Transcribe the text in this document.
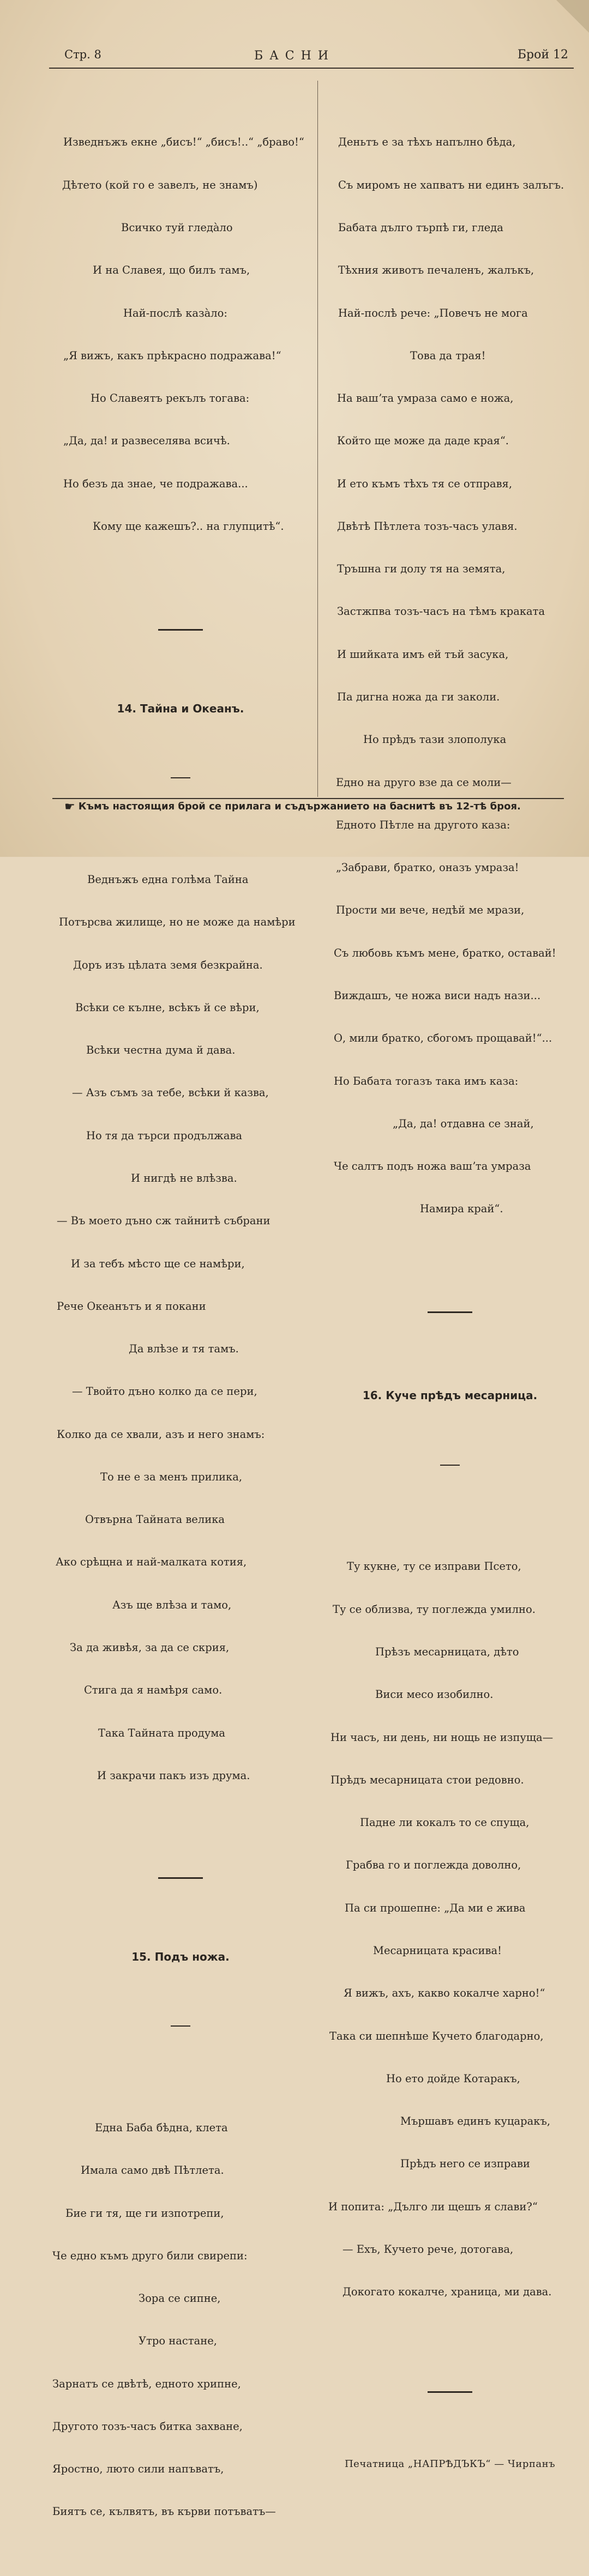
Стр. 8	БАСНИ	Брой 12

Изведнъжъ екне „бисъ!“ „бисъ!..“ „браво!“

Дѣтето (кой го е завелъ, не знамъ)

Всичко туй гледàло

И на Славея, що билъ тамъ,

Най-послѣ казàло:

„Я вижъ, какъ прѣкрасно подражава!“

Но Славеятъ рекълъ тогава:

„Да, да! и развеселява всичѣ.

Но безъ да знае, че подражава...

Кому ще кажешъ?.. на глупцитѣ“.

14. Тайна и Океанъ.

Веднъжъ една голѣма Тайна

Потърсва жилище, но не може да намѣри

Доръ изъ цѣлата земя безкрайна.

Всѣки се кълне, всѣкъ й се вѣри,

Всѣки честна дума й дава.

— Азъ съмъ за тебе, всѣки й казва,

Но тя да търси продължава

И нигдѣ не влѣзва.

— Въ моето дъно сж тайнитѣ събрани

И за тебъ мѣсто ще се намѣри,

Рече Океанътъ и я покани

Да влѣзе и тя тамъ.

— Твойто дъно колко да се пери,

Колко да се хвали, азъ и него знамъ:

То не е за менъ прилика,

Отвърна Тайната велика

Ако срѣщна и най-малката котия,

Азъ ще влѣза и тамо,

За да живѣя, за да се скрия,

Стига да я намѣря само.

Така Тайната продума

И закрачи пакъ изъ друма.

15. Подъ ножа.

Една Баба бѣдна, клета

Имала само двѣ Пѣтлета.

Бие ги тя, ще ги изпотрепи,

Че едно къмъ друго били свирепи:

Зора се сипне,

Утро настане,

Зарнатъ се двѣтѣ, едното хрипне,

Другото тозъ-часъ битка захване,

Яростно, люто сили напъватъ,

Биятъ се, кълвятъ, въ кърви потъватъ—

Деньтъ е за тѣхъ напълно бѣда,

Съ миромъ не хапватъ ни единъ залъгъ.

Бабата дълго търпѣ ги, гледа

Тѣхния животъ печаленъ, жалъкъ,

Най-послѣ рече: „Повечъ не мога

Това да трая!

На вашʼта умраза само е ножа,

Който ще може да даде края“.

И ето къмъ тѣхъ тя се отправя,

Двѣтѣ Пѣтлета тозъ-часъ улавя.

Тръшна ги долу тя на земята,

Застжпва тозъ-часъ на тѣмъ краката

И шийката имъ ей тъй засука,

Па дигна ножа да ги заколи.

Но прѣдъ тази злополука

Едно на друго взе да се моли—

Едното Пѣтле на другото каза:

„Забрави, братко, оназъ умраза!

Прости ми вече, недѣй ме мрази,

Съ любовь къмъ мене, братко, оставай!

Виждашъ, че ножа виси надъ нази...

О, мили братко, сбогомъ прощавай!“...

Но Бабата тогазъ така имъ каза:

„Да, да! отдавна се знай,

Че салтъ подъ ножа вашʼта умраза

Намира край“.

16. Куче прѣдъ месарница.

Ту кукне, ту се изправи Псето,

Ту се облизва, ту поглежда умилно.

Прѣзъ месарницата, дѣто

Виси месо изобилно.

Ни часъ, ни день, ни нощь не изпуща—

Прѣдъ месарницата стои редовно.

Падне ли кокалъ то се спуща,

Грабва го и поглежда доволно,

Па си прошепне: „Да ми е жива

Месарницата красива!

Я вижъ, ахъ, какво кокалче харно!“

Така си шепнѣше Кучето благодарно,

Но ето дойде Котаракъ,

Мършавъ единъ куцаракъ,

Прѣдъ него се изправи

И попита: „Дълго ли щешъ я слави?“

— Ехъ, Кучето рече, дотогава,

Докогато кокалче, храница, ми дава.

Печатница „НАПРѢДЪКЪ“ — Чирпанъ

☛ Къмъ настоящия брой се прилага и съдържанието на баснитѣ въ 12-тѣ броя.
